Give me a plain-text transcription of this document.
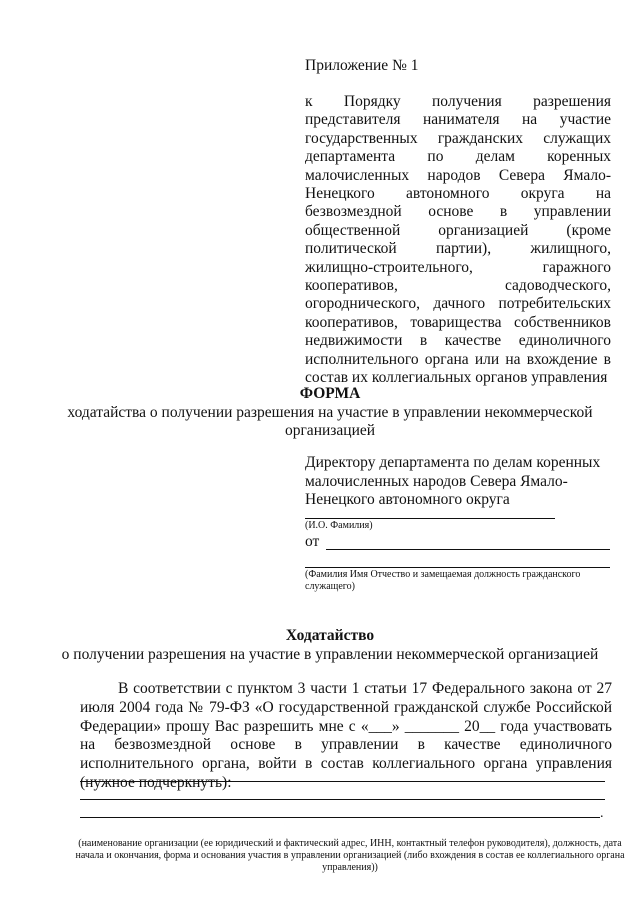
Приложение № 1
к Порядку получения разрешения представителя нанимателя на участие государственных гражданских служащих департамента по делам коренных малочисленных народов Севера Ямало-Ненецкого автономного округа на безвозмездной основе в управлении общественной организацией (кроме политической партии), жилищного, жилищно-строительного, гаражного кооперативов, садоводческого, огороднического, дачного потребительских кооперативов, товарищества собственников недвижимости в качестве единоличного исполнительного органа или на вхождение в состав их коллегиальных органов управления
ФОРМА
ходатайства о получении разрешения на участие в управлении некоммерческой организацией
Директору департамента по делам коренных малочисленных народов Севера Ямало-Ненецкого автономного округа
(И.О. Фамилия)
от
(Фамилия Имя Отчество и замещаемая должность гражданского служащего)
Ходатайство
о получении разрешения на участие в управлении некоммерческой организацией
В соответствии с пунктом 3 части 1 статьи 17 Федерального закона от 27 июля 2004 года № 79-ФЗ «О государственной гражданской службе Российской Федерации» прошу Вас разрешить мне с «___» _______ 20__ года участвовать на безвозмездной основе в управлении в качестве единоличного исполнительного органа, войти в состав коллегиального органа управления (нужное подчеркнуть):
.
(наименование организации (ее юридический и фактический адрес, ИНН, контактный телефон руководителя), должность, дата начала и окончания, форма и основания участия в управлении организацией (либо вхождения в состав ее коллегиального органа управления))
